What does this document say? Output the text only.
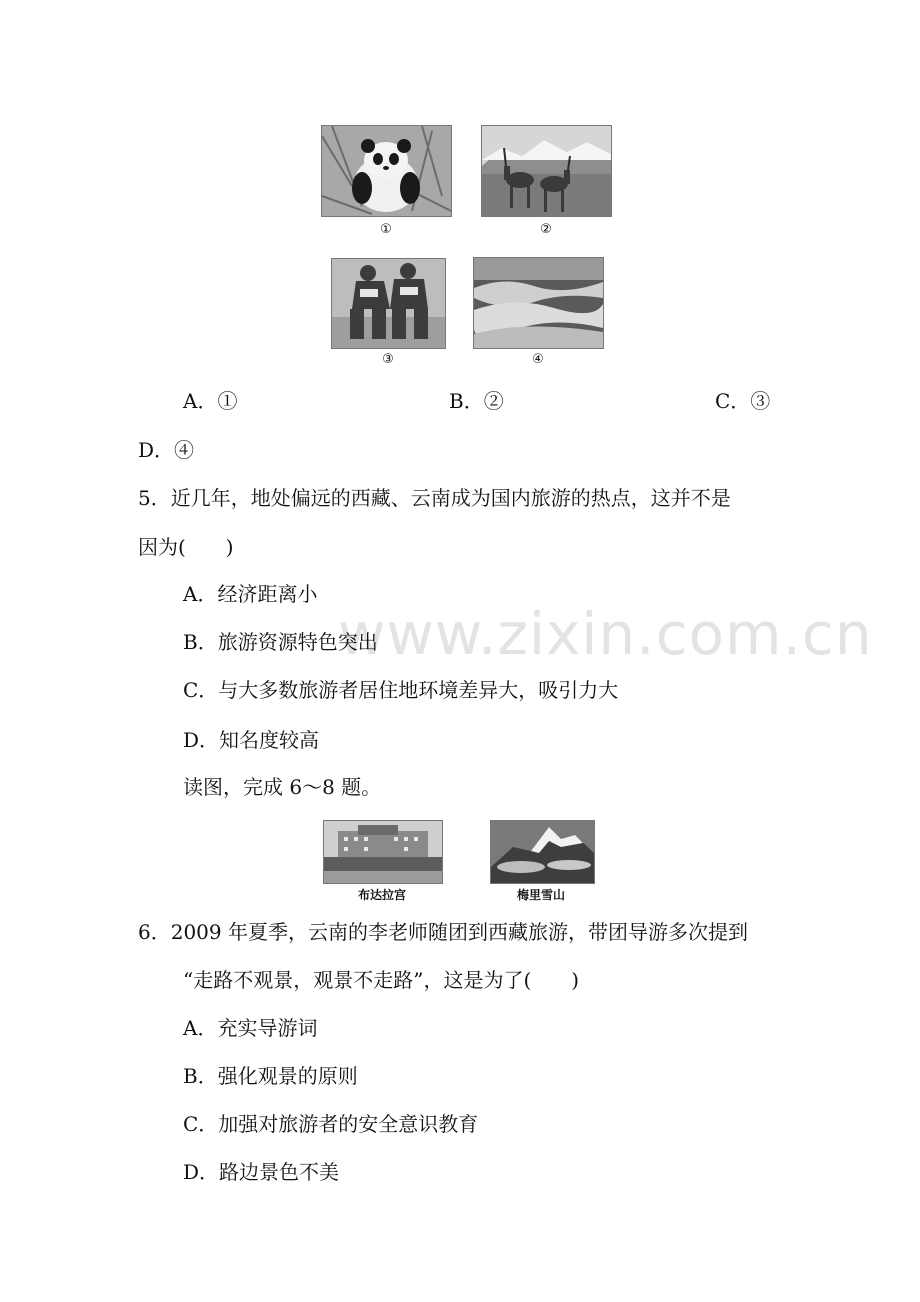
www.zixin.com.cn
①	②
③	④
A．①	B．②	C．③
D．④
5．近几年，地处偏远的西藏、云南成为国内旅游的热点，这并不是
因为(　　)
A．经济距离小
B．旅游资源特色突出
C．与大多数旅游者居住地环境差异大，吸引力大
D．知名度较高
读图，完成 6～8 题。
布达拉宫	梅里雪山
6．2009 年夏季，云南的李老师随团到西藏旅游，带团导游多次提到
“走路不观景，观景不走路”，这是为了(　　)
A．充实导游词
B．强化观景的原则
C．加强对旅游者的安全意识教育
D．路边景色不美
